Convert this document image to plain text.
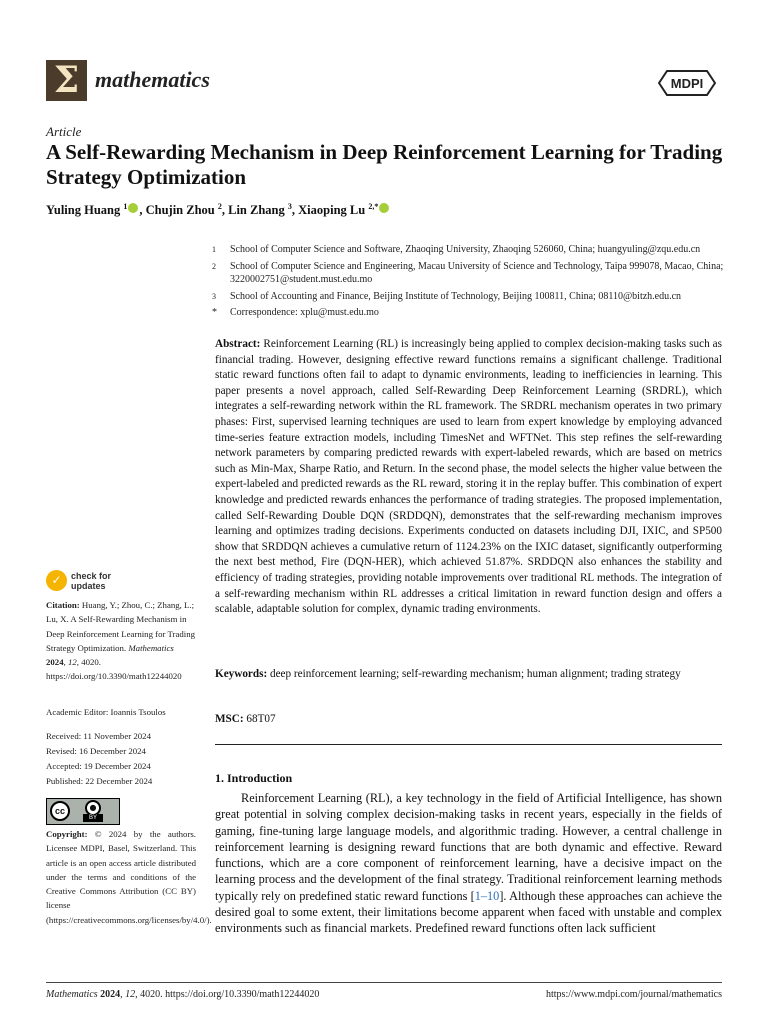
Σ mathematics	MDPI
Article
A Self-Rewarding Mechanism in Deep Reinforcement Learning for Trading Strategy Optimization
Yuling Huang $^1$ , Chujin Zhou $^2$, Lin Zhang $^3$, Xiaoping Lu $^{2,*}$
1	School of Computer Science and Software, Zhaoqing University, Zhaoqing 526060, China; huangyuling@zqu.edu.cn
2	School of Computer Science and Engineering, Macau University of Science and Technology, Taipa 999078, Macao, China; 3220002751@student.must.edu.mo
3	School of Accounting and Finance, Beijing Institute of Technology, Beijing 100811, China; 08110@bitzh.edu.cn
*	Correspondence: xplu@must.edu.mo
Abstract: Reinforcement Learning (RL) is increasingly being applied to complex decision-making tasks such as financial trading. However, designing effective reward functions remains a significant challenge. Traditional static reward functions often fail to adapt to dynamic environments, leading to inefficiencies in learning. This paper presents a novel approach, called Self-Rewarding Deep Reinforcement Learning (SRDRL), which integrates a self-rewarding network within the RL framework. The SRDRL mechanism operates in two primary phases: First, supervised learning techniques are used to learn from expert knowledge by employing advanced time-series feature extraction models, including TimesNet and WFTNet. This step refines the self-rewarding network parameters by comparing predicted rewards with expert-labeled rewards, which are based on metrics such as Min-Max, Sharpe Ratio, and Return. In the second phase, the model selects the higher value between the expert-labeled and predicted rewards as the RL reward, storing it in the replay buffer. This combination of expert knowledge and predicted rewards enhances the performance of trading strategies. The proposed implementation, called Self-Rewarding Double DQN (SRDDQN), demonstrates that the self-rewarding mechanism improves learning and optimizes trading decisions. Experiments conducted on datasets including DJI, IXIC, and SP500 show that SRDDQN achieves a cumulative return of 1124.23% on the IXIC dataset, significantly outperforming the next best method, Fire (DQN-HER), which achieved 51.87%. SRDDQN also enhances the stability and efficiency of trading strategies, providing notable improvements over traditional RL methods. The integration of a self-rewarding mechanism within RL addresses a critical limitation in reward function design and offers a scalable, adaptable solution for complex, dynamic trading environments.
Keywords: deep reinforcement learning; self-rewarding mechanism; human alignment; trading strategy
MSC: 68T07
1. Introduction
Reinforcement Learning (RL), a key technology in the field of Artificial Intelligence, has shown great potential in solving complex decision-making tasks in recent years, especially in the fields of gaming, fine-tuning large language models, and algorithmic trading. However, a central challenge in reinforcement learning is designing reward functions that are both dynamic and effective. Reward functions, which are a core component of reinforcement learning, have a decisive impact on the learning process and the development of the final strategy. Traditional reinforcement learning methods typically rely on predefined static reward functions [1–10]. Although these approaches can achieve the desired goal to some extent, their limitations become apparent when faced with unstable and complex environments such as financial markets. Predefined reward functions often lack sufficient
✓	check for
updates
Citation: Huang, Y.; Zhou, C.; Zhang, L.; Lu, X. A Self-Rewarding Mechanism in Deep Reinforcement Learning for Trading Strategy Optimization. Mathematics 2024, 12, 4020. https://doi.org/10.3390/math12244020
Academic Editor: Ioannis Tsoulos
Received: 11 November 2024
Revised: 16 December 2024
Accepted: 19 December 2024
Published: 22 December 2024
cc	●
BY
Copyright: © 2024 by the authors. Licensee MDPI, Basel, Switzerland. This article is an open access article distributed under the terms and conditions of the Creative Commons Attribution (CC BY) license (https://creativecommons.org/licenses/by/4.0/).
Mathematics 2024, 12, 4020. https://doi.org/10.3390/math12244020	https://www.mdpi.com/journal/mathematics
